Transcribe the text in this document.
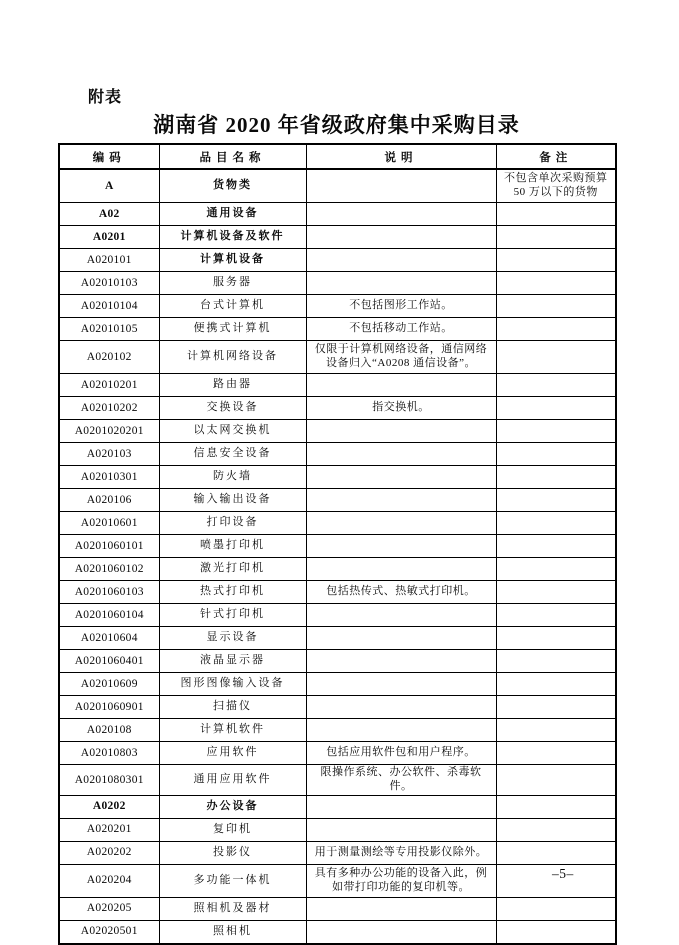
附表
湖南省 2020 年省级政府集中采购目录
编码	品目名称	说明	备注
A	货物类		不包含单次采购预算 50 万以下的货物
A02	通用设备		
A0201	计算机设备及软件		
A020101	计算机设备		
A02010103	服务器		
A02010104	台式计算机	不包括图形工作站。	
A02010105	便携式计算机	不包括移动工作站。	
A020102	计算机网络设备	仅限于计算机网络设备，通信网络设备归入“A0208 通信设备”。	
A02010201	路由器		
A02010202	交换设备	指交换机。	
A0201020201	以太网交换机		
A020103	信息安全设备		
A02010301	防火墙		
A020106	输入输出设备		
A02010601	打印设备		
A0201060101	喷墨打印机		
A0201060102	激光打印机		
A0201060103	热式打印机	包括热传式、热敏式打印机。	
A0201060104	针式打印机		
A02010604	显示设备		
A0201060401	液晶显示器		
A02010609	图形图像输入设备		
A0201060901	扫描仪		
A020108	计算机软件		
A02010803	应用软件	包括应用软件包和用户程序。	
A0201080301	通用应用软件	限操作系统、办公软件、杀毒软件。	
A0202	办公设备		
A020201	复印机		
A020202	投影仪	用于测量测绘等专用投影仪除外。	
A020204	多功能一体机	具有多种办公功能的设备入此，例如带打印功能的复印机等。	
A020205	照相机及器材		
A02020501	照相机		
–5–
